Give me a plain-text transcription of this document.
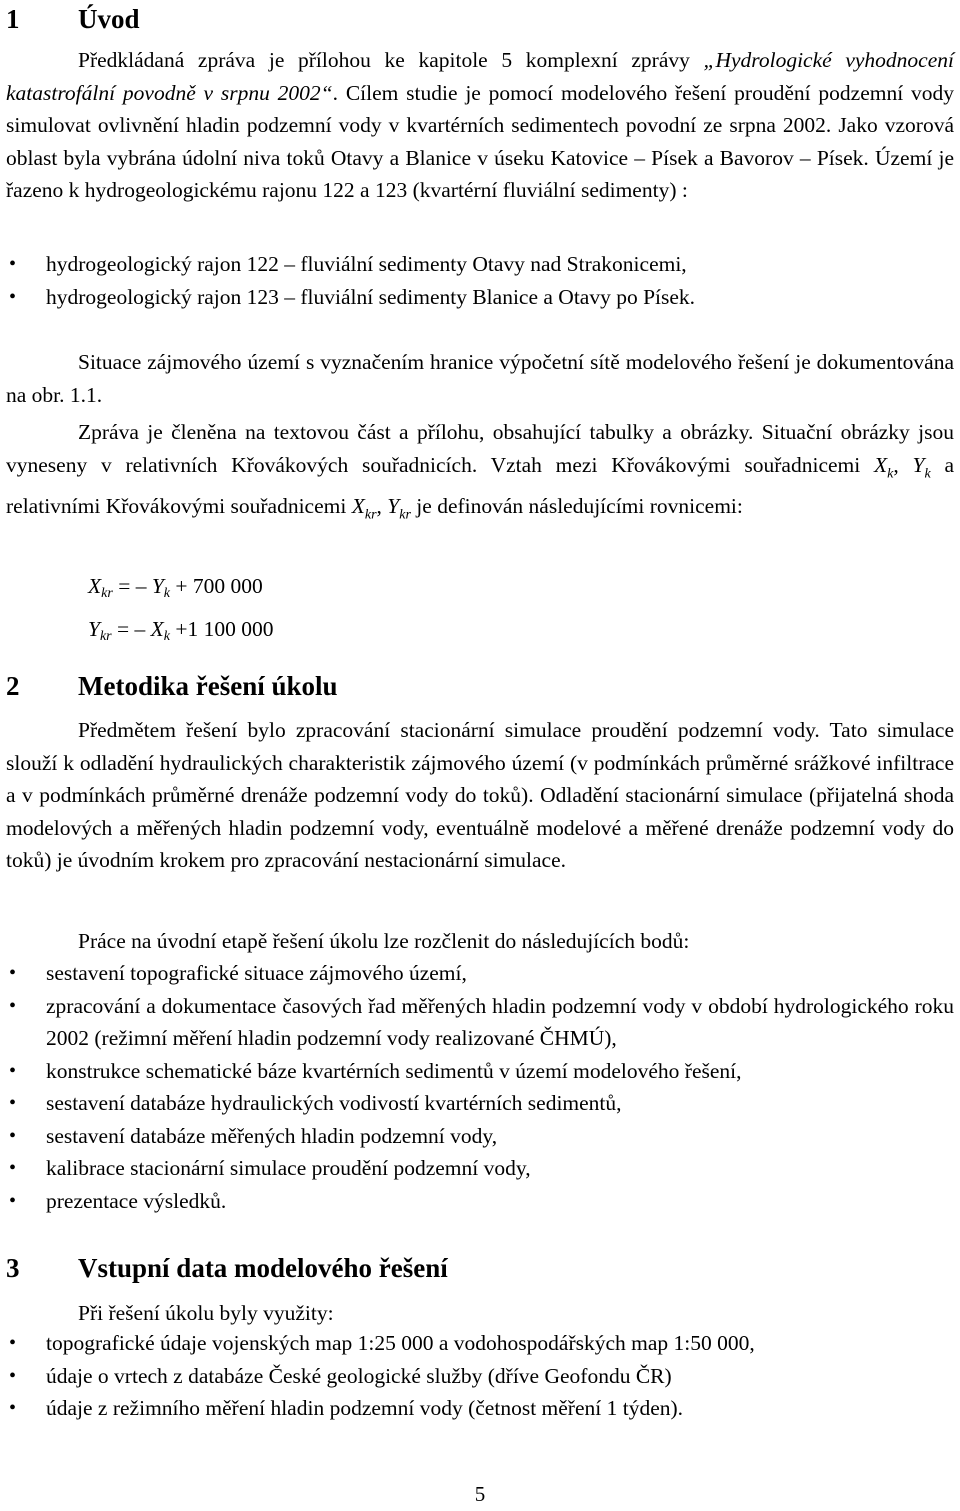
1	Úvod

Předkládaná zpráva je přílohou ke kapitole 5 komplexní zprávy „Hydrologické vyhodnocení katastrofální povodně v srpnu 2002“. Cílem studie je pomocí modelového řešení proudění podzemní vody simulovat ovlivnění hladin podzemní vody v kvartérních sedimentech povodní ze srpna 2002. Jako vzorová oblast byla vybrána údolní niva toků Otavy a Blanice v úseku Katovice – Písek a Bavorov – Písek. Území je řazeno k hydrogeologickému rajonu 122 a 123 (kvartérní fluviální sedimenty) :

• hydrogeologický rajon 122 – fluviální sedimenty Otavy nad Strakonicemi,
• hydrogeologický rajon 123 – fluviální sedimenty Blanice a Otavy po Písek.

Situace zájmového území s vyznačením hranice výpočetní sítě modelového řešení je dokumentována na obr. 1.1.

Zpráva je členěna na textovou část a přílohu, obsahující tabulky a obrázky. Situační obrázky jsou vyneseny v relativních Křovákových souřadnicích. Vztah mezi Křovákovými souřadnicemi $X_k$, $Y_k$ a relativními Křovákovými souřadnicemi $X_{kr}$, $Y_{kr}$ je definován následujícími rovnicemi:

$X_{kr}$ = – $Y_k + 700$ 000
$Y_{kr}$ = – $X_k +1$ 100 000
2	Metodika řešení úkolu

Předmětem řešení bylo zpracování stacionární simulace proudění podzemní vody. Tato simulace slouží k odladění hydraulických charakteristik zájmového území (v podmínkách průměrné srážkové infiltrace a v podmínkách průměrné drenáže podzemní vody do toků). Odladění stacionární simulace (přijatelná shoda modelových a měřených hladin podzemní vody, eventuálně modelové a měřené drenáže podzemní vody do toků) je úvodním krokem pro zpracování nestacionární simulace.

Práce na úvodní etapě řešení úkolu lze rozčlenit do následujících bodů:

• sestavení topografické situace zájmového území,
• zpracování a dokumentace časových řad měřených hladin podzemní vody v období hydrologického roku 2002 (režimní měření hladin podzemní vody realizované ČHMÚ),
• konstrukce schematické báze kvartérních sedimentů v území modelového řešení,
• sestavení databáze hydraulických vodivostí kvartérních sedimentů,
• sestavení databáze měřených hladin podzemní vody,
• kalibrace stacionární simulace proudění podzemní vody,
• prezentace výsledků.
3	Vstupní data modelového řešení

Při řešení úkolu byly využity:

• topografické údaje vojenských map 1:25 000 a vodohospodářských map 1:50 000,
• údaje o vrtech z databáze České geologické služby (dříve Geofondu ČR)
• údaje z režimního měření hladin podzemní vody (četnost měření 1 týden).
5
